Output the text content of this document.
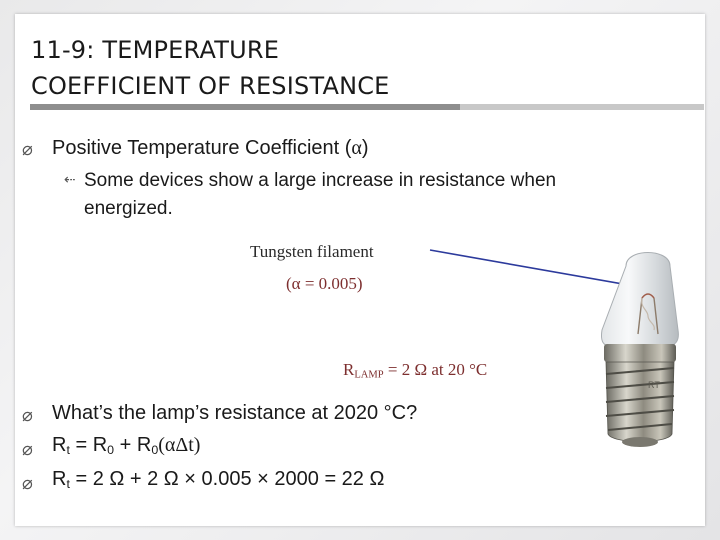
11-9: TEMPERATURE
COEFFICIENT OF RESISTANCE
⌀ Positive Temperature Coefficient (α)
⇠ Some devices show a large increase in resistance when
energized.
Tungsten filament
(α = 0.005)
$R_{LAMP} = 2$ Ω at 20 °C
RT
⌀ What’s the lamp’s resistance at 2020 °C?
⌀ $R_t = R_0 + R_0(\alpha\Delta t)$
⌀ $R_t = 2$ Ω + 2 Ω × 0.005 × 2000 = 22 Ω
